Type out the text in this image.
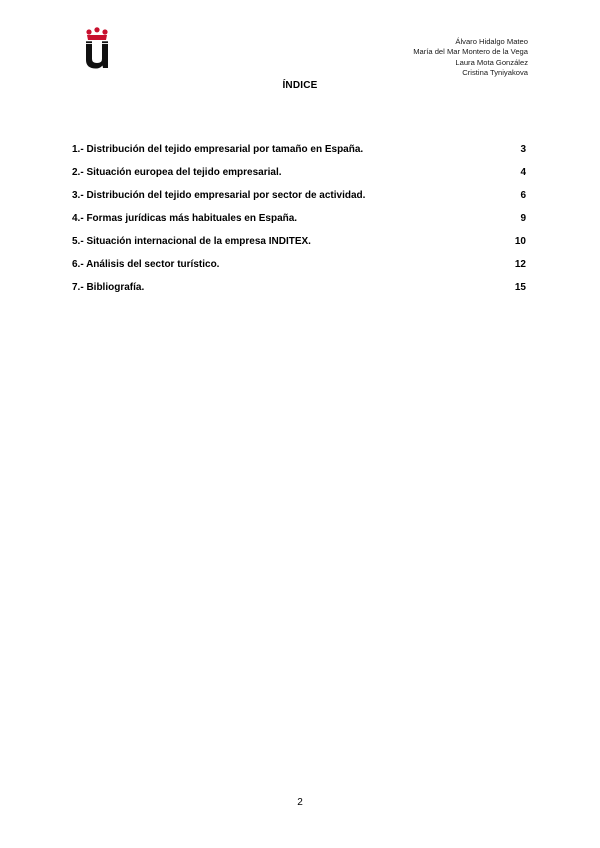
Álvaro Hidalgo Mateo
María del Mar Montero de la Vega
Laura Mota González
Cristina Tyniyakova
ÍNDICE
1.- Distribución del tejido empresarial por tamaño en España.	3
2.- Situación europea del tejido empresarial.	4
3.- Distribución del tejido empresarial por sector de actividad.	6
4.- Formas jurídicas más habituales en España.	9
5.- Situación internacional de la empresa INDITEX.	10
6.- Análisis del sector turístico.	12
7.- Bibliografía.	15
2
